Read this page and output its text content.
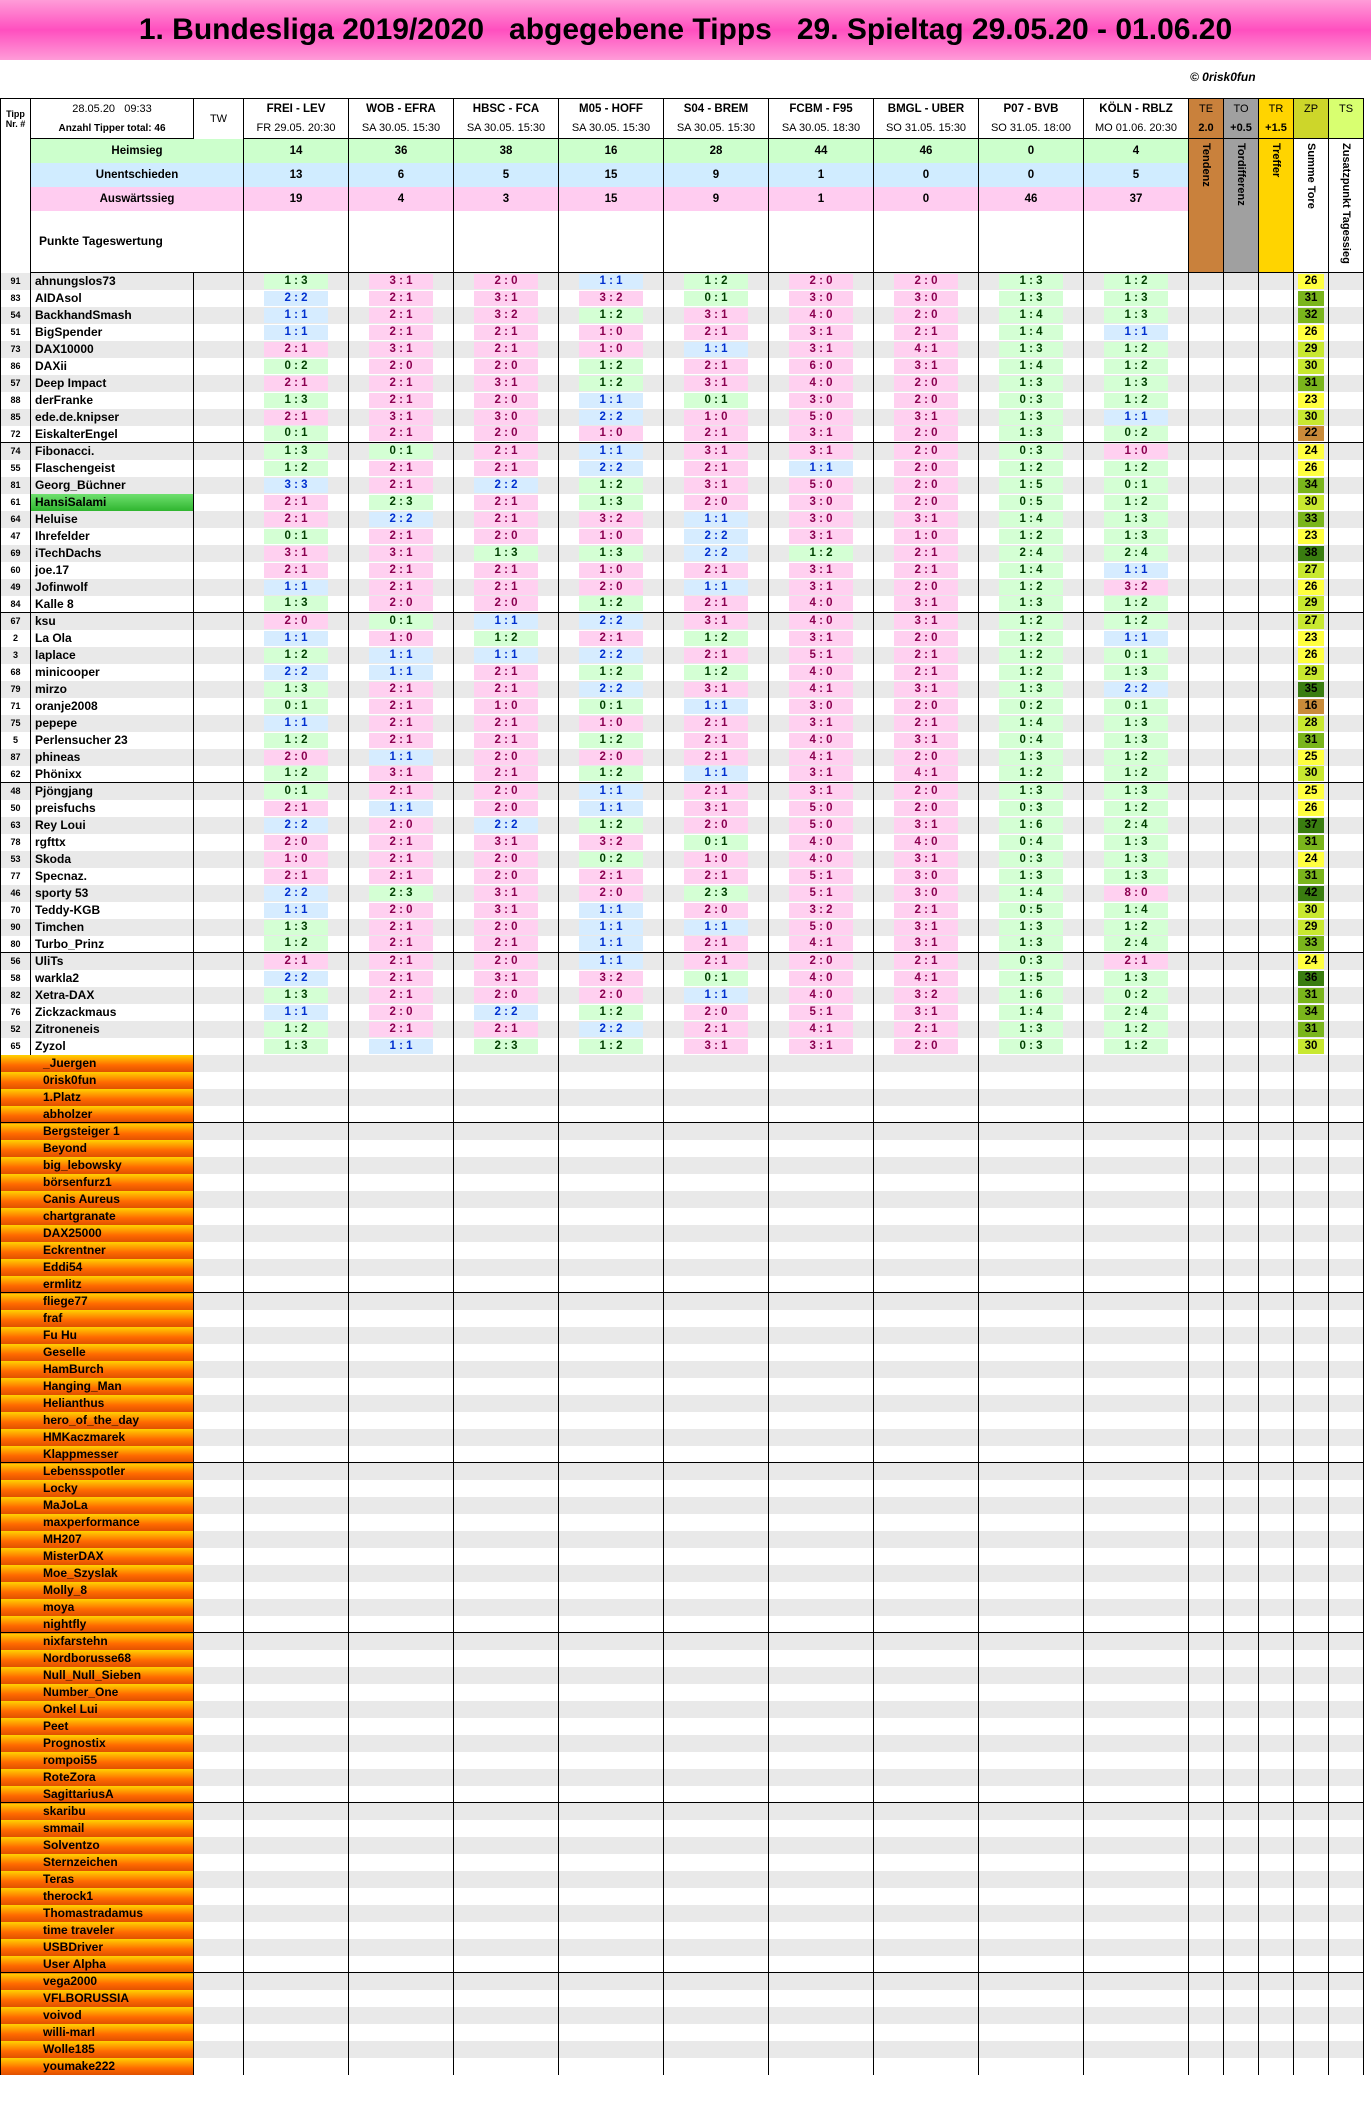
1. Bundesliga 2019/2020   abgegebene Tipps   29. Spieltag 29.05.20 - 01.06.20
© 0risk0fun
Tipp
Nr. #	28.05.20   09:33	TW	FREI - LEV	WOB - EFRA	HBSC - FCA	M05 - HOFF	S04 - BREM	FCBM - F95	BMGL - UBER	P07 - BVB	KÖLN - RBLZ	TE	TO	TR	ZP	TS
	Anzahl Tipper total: 46		FR 29.05. 20:30	SA 30.05. 15:30	SA 30.05. 15:30	SA 30.05. 15:30	SA 30.05. 15:30	SA 30.05. 18:30	SO 31.05. 15:30	SO 31.05. 18:00	MO 01.06. 20:30	2.0	+0.5	+1.5		
	Heimsieg		14	36	38	16	28	44	46	0	4	Tendenz	Tordifferenz	Treffer	Summe Tore	Zusatzpunkt Tagessieg
	Unentschieden		13	6	5	15	9	1	0	0	5					
	Auswärtssieg		19	4	3	15	9	1	0	46	37					
	Punkte Tageswertung															
91	ahnungslos73		1 : 3	3 : 1	2 : 0	1 : 1	1 : 2	2 : 0	2 : 0	1 : 3	1 : 2				26	
83	AIDAsol		2 : 2	2 : 1	3 : 1	3 : 2	0 : 1	3 : 0	3 : 0	1 : 3	1 : 3				31	
54	BackhandSmash		1 : 1	2 : 1	3 : 2	1 : 2	3 : 1	4 : 0	2 : 0	1 : 4	1 : 3				32	
51	BigSpender		1 : 1	2 : 1	2 : 1	1 : 0	2 : 1	3 : 1	2 : 1	1 : 4	1 : 1				26	
73	DAX10000		2 : 1	3 : 1	2 : 1	1 : 0	1 : 1	3 : 1	4 : 1	1 : 3	1 : 2				29	
86	DAXii		0 : 2	2 : 0	2 : 0	1 : 2	2 : 1	6 : 0	3 : 1	1 : 4	1 : 2				30	
57	Deep Impact		2 : 1	2 : 1	3 : 1	1 : 2	3 : 1	4 : 0	2 : 0	1 : 3	1 : 3				31	
88	derFranke		1 : 3	2 : 1	2 : 0	1 : 1	0 : 1	3 : 0	2 : 0	0 : 3	1 : 2				23	
85	ede.de.knipser		2 : 1	3 : 1	3 : 0	2 : 2	1 : 0	5 : 0	3 : 1	1 : 3	1 : 1				30	
72	EiskalterEngel		0 : 1	2 : 1	2 : 0	1 : 0	2 : 1	3 : 1	2 : 0	1 : 3	0 : 2				22	
74	Fibonacci.		1 : 3	0 : 1	2 : 1	1 : 1	3 : 1	3 : 1	2 : 0	0 : 3	1 : 0				24	
55	Flaschengeist		1 : 2	2 : 1	2 : 1	2 : 2	2 : 1	1 : 1	2 : 0	1 : 2	1 : 2				26	
81	Georg_Büchner		3 : 3	2 : 1	2 : 2	1 : 2	3 : 1	5 : 0	2 : 0	1 : 5	0 : 1				34	
61	HansiSalami		2 : 1	2 : 3	2 : 1	1 : 3	2 : 0	3 : 0	2 : 0	0 : 5	1 : 2				30	
64	Heluise		2 : 1	2 : 2	2 : 1	3 : 2	1 : 1	3 : 0	3 : 1	1 : 4	1 : 3				33	
47	Ihrefelder		0 : 1	2 : 1	2 : 0	1 : 0	2 : 2	3 : 1	1 : 0	1 : 2	1 : 3				23	
69	iTechDachs		3 : 1	3 : 1	1 : 3	1 : 3	2 : 2	1 : 2	2 : 1	2 : 4	2 : 4				38	
60	joe.17		2 : 1	2 : 1	2 : 1	1 : 0	2 : 1	3 : 1	2 : 1	1 : 4	1 : 1				27	
49	Jofinwolf		1 : 1	2 : 1	2 : 1	2 : 0	1 : 1	3 : 1	2 : 0	1 : 2	3 : 2				26	
84	Kalle 8		1 : 3	2 : 0	2 : 0	1 : 2	2 : 1	4 : 0	3 : 1	1 : 3	1 : 2				29	
67	ksu		2 : 0	0 : 1	1 : 1	2 : 2	3 : 1	4 : 0	3 : 1	1 : 2	1 : 2				27	
2	La Ola		1 : 1	1 : 0	1 : 2	2 : 1	1 : 2	3 : 1	2 : 0	1 : 2	1 : 1				23	
3	laplace		1 : 2	1 : 1	1 : 1	2 : 2	2 : 1	5 : 1	2 : 1	1 : 2	0 : 1				26	
68	minicooper		2 : 2	1 : 1	2 : 1	1 : 2	1 : 2	4 : 0	2 : 1	1 : 2	1 : 3				29	
79	mirzo		1 : 3	2 : 1	2 : 1	2 : 2	3 : 1	4 : 1	3 : 1	1 : 3	2 : 2				35	
71	oranje2008		0 : 1	2 : 1	1 : 0	0 : 1	1 : 1	3 : 0	2 : 0	0 : 2	0 : 1				16	
75	pepepe		1 : 1	2 : 1	2 : 1	1 : 0	2 : 1	3 : 1	2 : 1	1 : 4	1 : 3				28	
5	Perlensucher 23		1 : 2	2 : 1	2 : 1	1 : 2	2 : 1	4 : 0	3 : 1	0 : 4	1 : 3				31	
87	phineas		2 : 0	1 : 1	2 : 0	2 : 0	2 : 1	4 : 1	2 : 0	1 : 3	1 : 2				25	
62	Phönixx		1 : 2	3 : 1	2 : 1	1 : 2	1 : 1	3 : 1	4 : 1	1 : 2	1 : 2				30	
48	Pjöngjang		0 : 1	2 : 1	2 : 0	1 : 1	2 : 1	3 : 1	2 : 0	1 : 3	1 : 3				25	
50	preisfuchs		2 : 1	1 : 1	2 : 0	1 : 1	3 : 1	5 : 0	2 : 0	0 : 3	1 : 2				26	
63	Rey Loui		2 : 2	2 : 0	2 : 2	1 : 2	2 : 0	5 : 0	3 : 1	1 : 6	2 : 4				37	
78	rgfttx		2 : 0	2 : 1	3 : 1	3 : 2	0 : 1	4 : 0	4 : 0	0 : 4	1 : 3				31	
53	Skoda		1 : 0	2 : 1	2 : 0	0 : 2	1 : 0	4 : 0	3 : 1	0 : 3	1 : 3				24	
77	Specnaz.		2 : 1	2 : 1	2 : 0	2 : 1	2 : 1	5 : 1	3 : 0	1 : 3	1 : 3				31	
46	sporty 53		2 : 2	2 : 3	3 : 1	2 : 0	2 : 3	5 : 1	3 : 0	1 : 4	8 : 0				42	
70	Teddy-KGB		1 : 1	2 : 0	3 : 1	1 : 1	2 : 0	3 : 2	2 : 1	0 : 5	1 : 4				30	
90	Timchen		1 : 3	2 : 1	2 : 0	1 : 1	1 : 1	5 : 0	3 : 1	1 : 3	1 : 2				29	
80	Turbo_Prinz		1 : 2	2 : 1	2 : 1	1 : 1	2 : 1	4 : 1	3 : 1	1 : 3	2 : 4				33	
56	UliTs		2 : 1	2 : 1	2 : 0	1 : 1	2 : 1	2 : 0	2 : 1	0 : 3	2 : 1				24	
58	warkla2		2 : 2	2 : 1	3 : 1	3 : 2	0 : 1	4 : 0	4 : 1	1 : 5	1 : 3				36	
82	Xetra-DAX		1 : 3	2 : 1	2 : 0	2 : 0	1 : 1	4 : 0	3 : 2	1 : 6	0 : 2				31	
76	Zickzackmaus		1 : 1	2 : 0	2 : 2	1 : 2	2 : 0	5 : 1	3 : 1	1 : 4	2 : 4				34	
52	Zitroneneis		1 : 2	2 : 1	2 : 1	2 : 2	2 : 1	4 : 1	2 : 1	1 : 3	1 : 2				31	
65	Zyzol		1 : 3	1 : 1	2 : 3	1 : 2	3 : 1	3 : 1	2 : 0	0 : 3	1 : 2				30	
_Juergen																
0risk0fun																
1.Platz																
abholzer																
Bergsteiger 1																
Beyond																
big_lebowsky																
börsenfurz1																
Canis Aureus																
chartgranate																
DAX25000																
Eckrentner																
Eddi54																
ermlitz																
fliege77																
fraf																
Fu Hu																
Geselle																
HamBurch																
Hanging_Man																
Helianthus																
hero_of_the_day																
HMKaczmarek																
Klappmesser																
Lebensspotler																
Locky																
MaJoLa																
maxperformance																
MH207																
MisterDAX																
Moe_Szyslak																
Molly_8																
moya																
nightfly																
nixfarstehn																
Nordborusse68																
Null_Null_Sieben																
Number_One																
Onkel Lui																
Peet																
Prognostix																
rompoi55																
RoteZora																
SagittariusA																
skaribu																
smmail																
Solventzo																
Sternzeichen																
Teras																
therock1																
Thomastradamus																
time traveler																
USBDriver																
User Alpha																
vega2000																
VFLBORUSSIA																
voivod																
willi-marl																
Wolle185																
youmake222																
